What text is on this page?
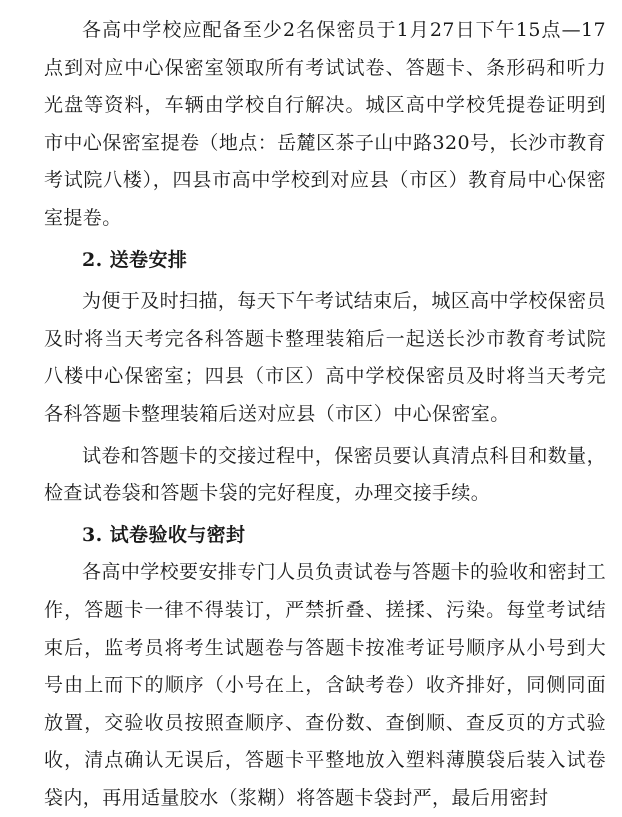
各高中学校应配备至少2名保密员于1月27日下午15点—17点到对应中心保密室领取所有考试试卷、答题卡、条形码和听力光盘等资料，车辆由学校自行解决。城区高中学校凭提卷证明到市中心保密室提卷（地点：岳麓区茶子山中路320号，长沙市教育考试院八楼），四县市高中学校到对应县（市区）教育局中心保密室提卷。

2. 送卷安排

为便于及时扫描，每天下午考试结束后，城区高中学校保密员及时将当天考完各科答题卡整理装箱后一起送长沙市教育考试院八楼中心保密室；四县（市区）高中学校保密员及时将当天考完各科答题卡整理装箱后送对应县（市区）中心保密室。

试卷和答题卡的交接过程中，保密员要认真清点科目和数量，检查试卷袋和答题卡袋的完好程度，办理交接手续。

3. 试卷验收与密封

各高中学校要安排专门人员负责试卷与答题卡的验收和密封工作，答题卡一律不得装订，严禁折叠、搓揉、污染。每堂考试结束后，监考员将考生试题卷与答题卡按准考证号顺序从小号到大号由上而下的顺序（小号在上，含缺考卷）收齐排好，同侧同面放置，交验收员按照查顺序、查份数、查倒顺、查反页的方式验收，清点确认无误后，答题卡平整地放入塑料薄膜袋后装入试卷袋内，再用适量胶水（浆糊）将答题卡袋封严，最后用密封
